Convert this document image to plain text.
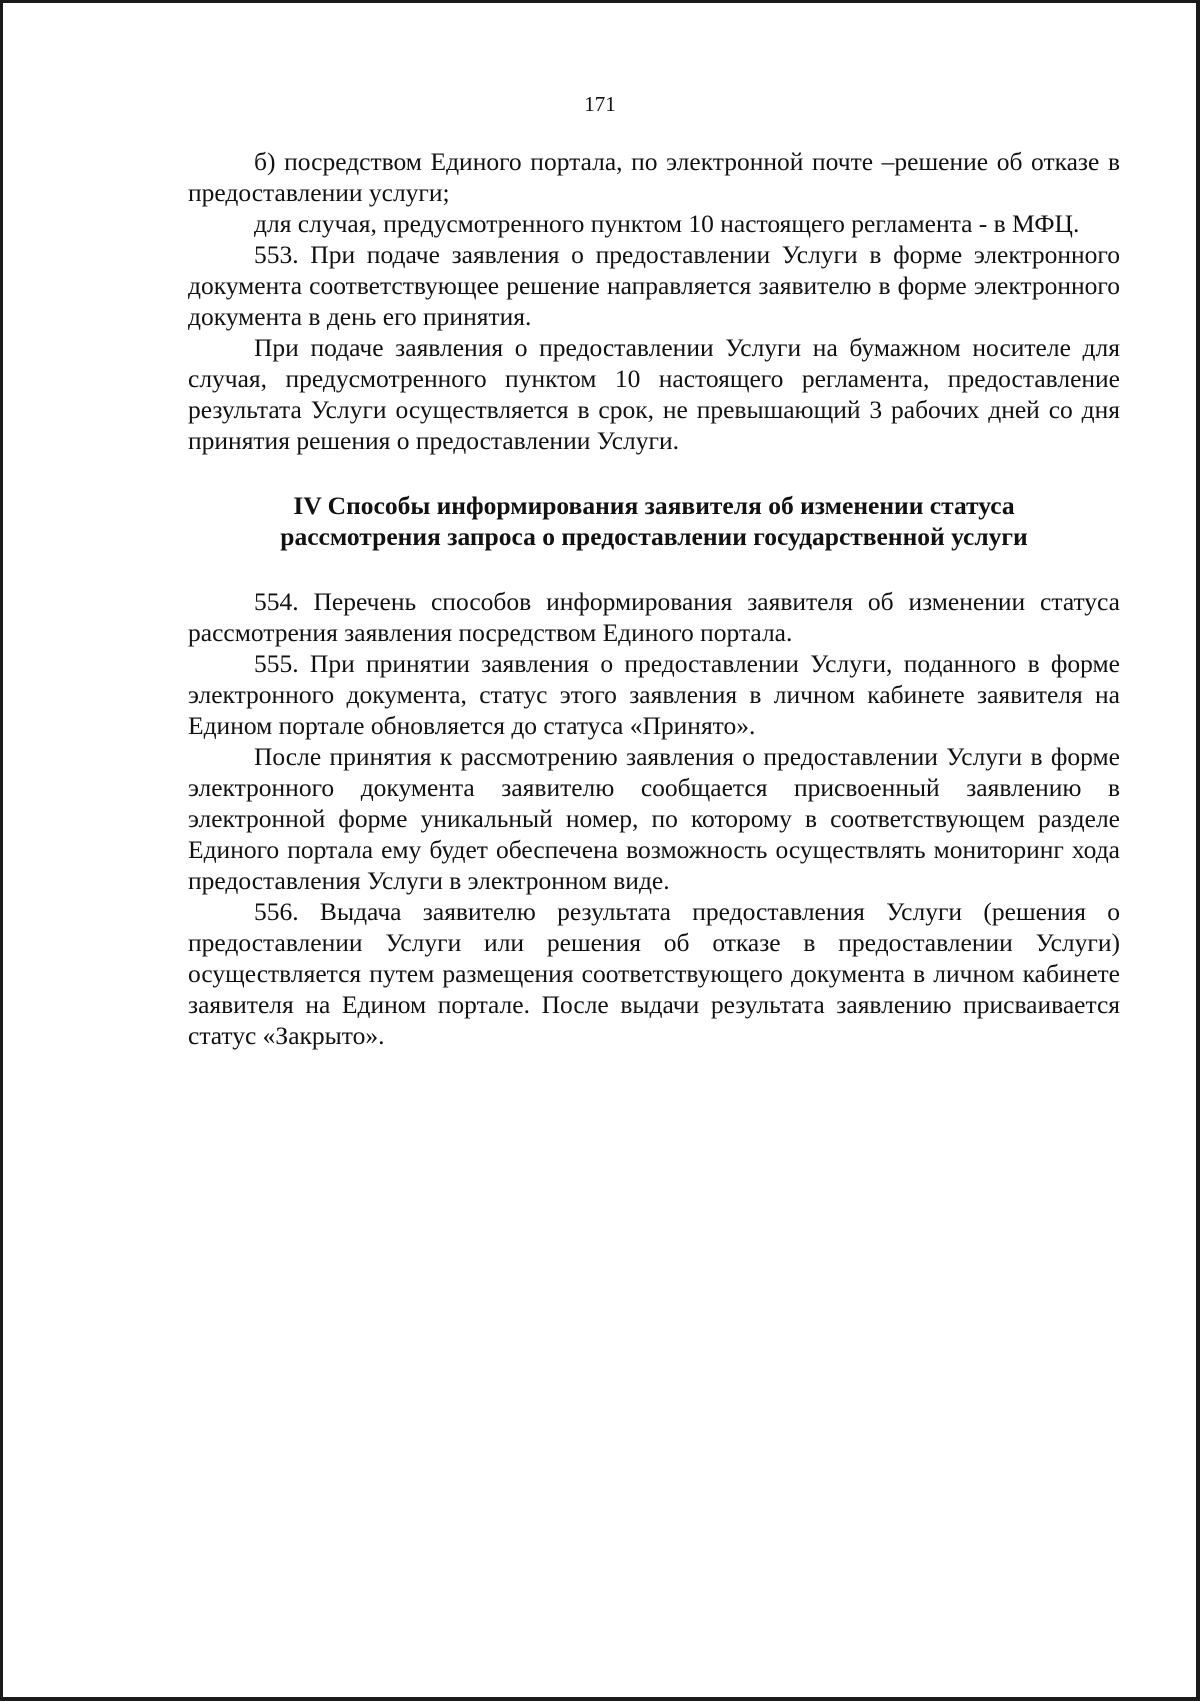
171

б) посредством Единого портала, по электронной почте –решение об отказе в предоставлении услуги;

для случая, предусмотренного пунктом 10 настоящего регламента - в МФЦ.

553. При подаче заявления о предоставлении Услуги в форме электронного документа соответствующее решение направляется заявителю в форме электронного документа в день его принятия.

При подаче заявления о предоставлении Услуги на бумажном носителе для случая, предусмотренного пунктом 10 настоящего регламента, предоставление результата Услуги осуществляется в срок, не превышающий 3 рабочих дней со дня принятия решения о предоставлении Услуги.

IV Способы информирования заявителя об изменении статуса
рассмотрения запроса о предоставлении государственной услуги

554. Перечень способов информирования заявителя об изменении статуса рассмотрения заявления посредством Единого портала.

555. При принятии заявления о предоставлении Услуги, поданного в форме электронного документа, статус этого заявления в личном кабинете заявителя на Едином портале обновляется до статуса «Принято».

После принятия к рассмотрению заявления о предоставлении Услуги в форме электронного документа заявителю сообщается присвоенный заявлению в электронной форме уникальный номер, по которому в соответствующем разделе Единого портала ему будет обеспечена возможность осуществлять мониторинг хода предоставления Услуги в электронном виде.

556. Выдача заявителю результата предоставления Услуги (решения о предоставлении Услуги или решения об отказе в предоставлении Услуги) осуществляется путем размещения соответствующего документа в личном кабинете заявителя на Едином портале. После выдачи результата заявлению присваивается статус «Закрыто».
